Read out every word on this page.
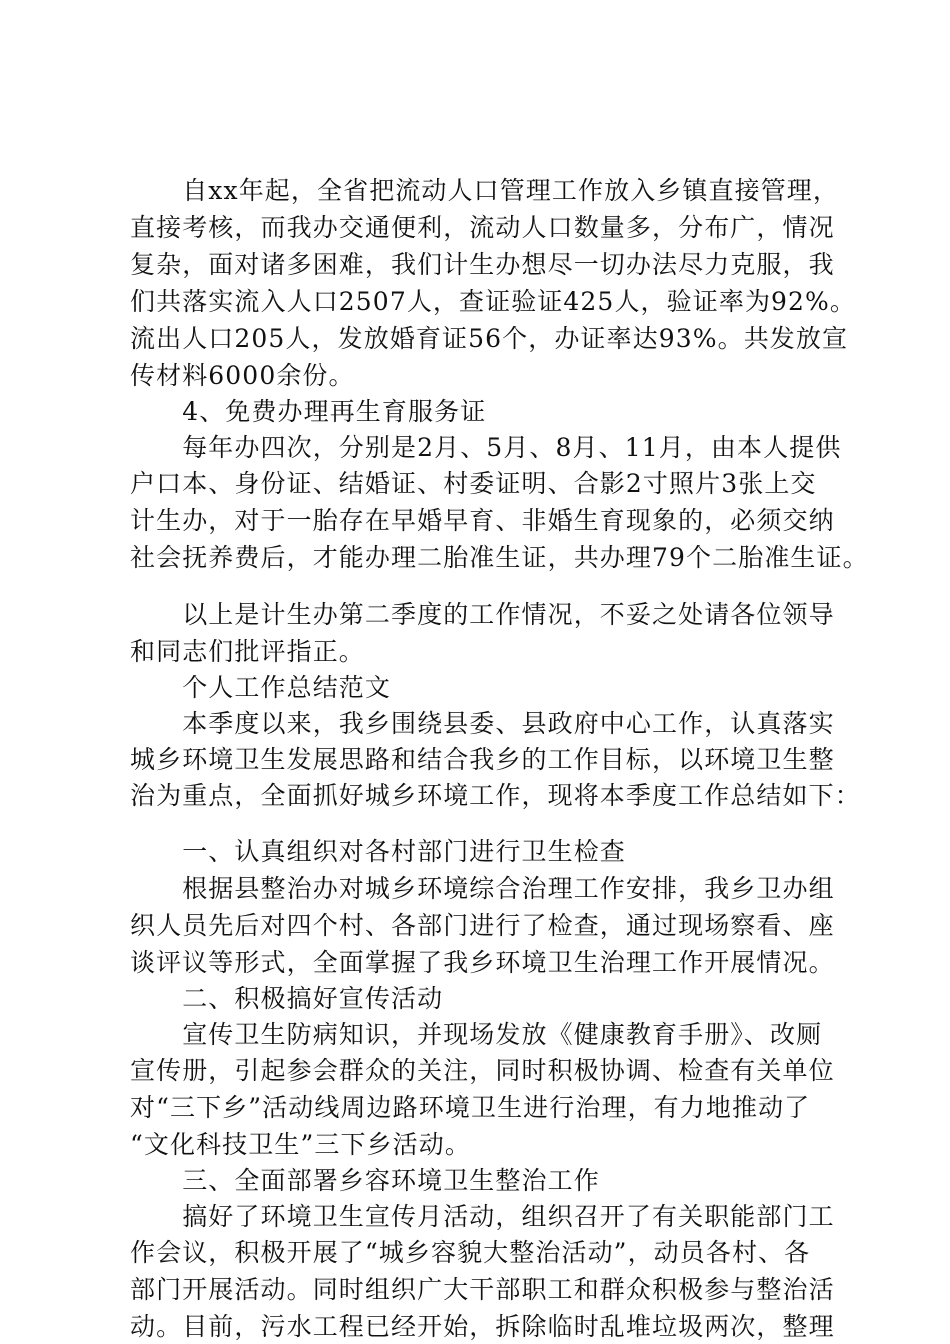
　　自xx年起，全省把流动人口管理工作放入乡镇直接管理，
直接考核，而我办交通便利，流动人口数量多，分布广，情况
复杂，面对诸多困难，我们计生办想尽一切办法尽力克服，我
们共落实流入人口2507人，查证验证425人，验证率为92%。
流出人口205人，发放婚育证56个，办证率达93%。共发放宣
传材料6000余份。
　　4、免费办理再生育服务证
　　每年办四次，分别是2月、5月、8月、11月，由本人提供
户口本、身份证、结婚证、村委证明、合影2寸照片3张上交
计生办，对于一胎存在早婚早育、非婚生育现象的，必须交纳
社会抚养费后，才能办理二胎准生证，共办理79个二胎准生证。
　　以上是计生办第二季度的工作情况，不妥之处请各位领导
和同志们批评指正。
　　个人工作总结范文
　　本季度以来，我乡围绕县委、县政府中心工作，认真落实
城乡环境卫生发展思路和结合我乡的工作目标，以环境卫生整
治为重点，全面抓好城乡环境工作，现将本季度工作总结如下：
　　一、认真组织对各村部门进行卫生检查
　　根据县整治办对城乡环境综合治理工作安排，我乡卫办组
织人员先后对四个村、各部门进行了检查，通过现场察看、座
谈评议等形式，全面掌握了我乡环境卫生治理工作开展情况。
　　二、积极搞好宣传活动
　　宣传卫生防病知识，并现场发放《健康教育手册》、改厕
宣传册，引起参会群众的关注，同时积极协调、检查有关单位
对“三下乡”活动线周边路环境卫生进行治理，有力地推动了
“文化科技卫生”三下乡活动。
　　三、全面部署乡容环境卫生整治工作
　　搞好了环境卫生宣传月活动，组织召开了有关职能部门工
作会议，积极开展了“城乡容貌大整治活动”，动员各村、各
部门开展活动。同时组织广大干部职工和群众积极参与整治活
动。目前，污水工程已经开始，拆除临时乱堆垃圾两次，整理
